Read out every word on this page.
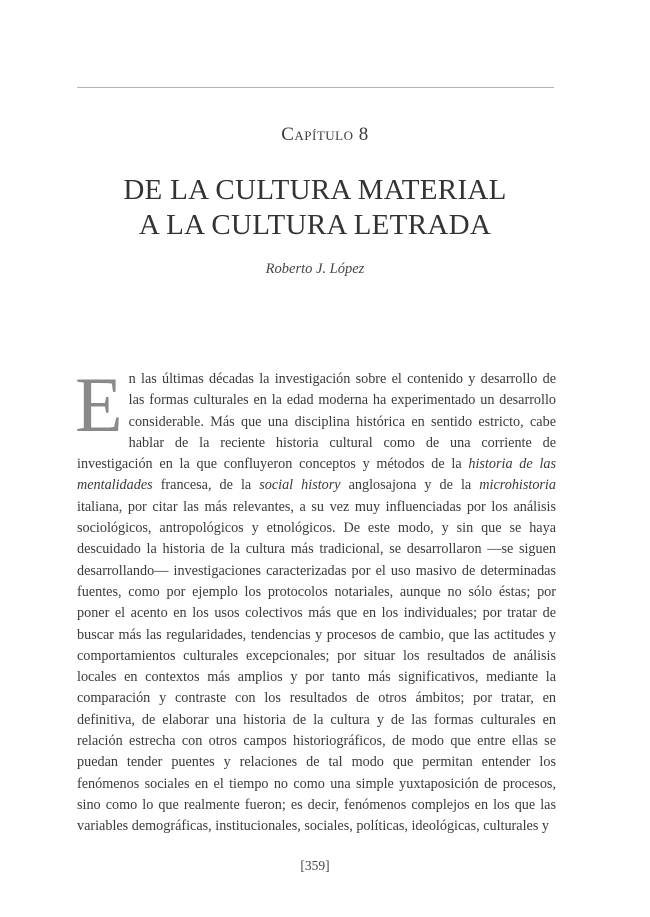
Capítulo 8
DE LA CULTURA MATERIAL
A LA CULTURA LETRADA
Roberto J. López

En las últimas décadas la investigación sobre el contenido y desarrollo de las formas culturales en la edad moderna ha experimentado un desarrollo considerable. Más que una disciplina histórica en sentido estricto, cabe hablar de la reciente historia cultural como de una corriente de investigación en la que confluyeron conceptos y métodos de la historia de las mentalidades francesa, de la social history anglosajona y de la microhistoria italiana, por citar las más relevantes, a su vez muy influenciadas por los análisis sociológicos, antropológicos y etnológicos. De este modo, y sin que se haya descuidado la historia de la cultura más tradicional, se desarrollaron —se siguen desarrollando— investigaciones caracterizadas por el uso masivo de determinadas fuentes, como por ejemplo los protocolos notariales, aunque no sólo éstas; por poner el acento en los usos colectivos más que en los individuales; por tratar de buscar más las regularidades, tendencias y procesos de cambio, que las actitudes y comportamientos culturales excepcionales; por situar los resultados de análisis locales en contextos más amplios y por tanto más significativos, mediante la comparación y contraste con los resultados de otros ámbitos; por tratar, en definitiva, de elaborar una historia de la cultura y de las formas culturales en relación estrecha con otros campos historiográficos, de modo que entre ellas se puedan tender puentes y relaciones de tal modo que permitan entender los fenómenos sociales en el tiempo no como una simple yuxtaposición de procesos, sino como lo que realmente fueron; es decir, fenómenos complejos en los que las variables demográficas, institucionales, sociales, políticas, ideológicas, culturales y

[359]
